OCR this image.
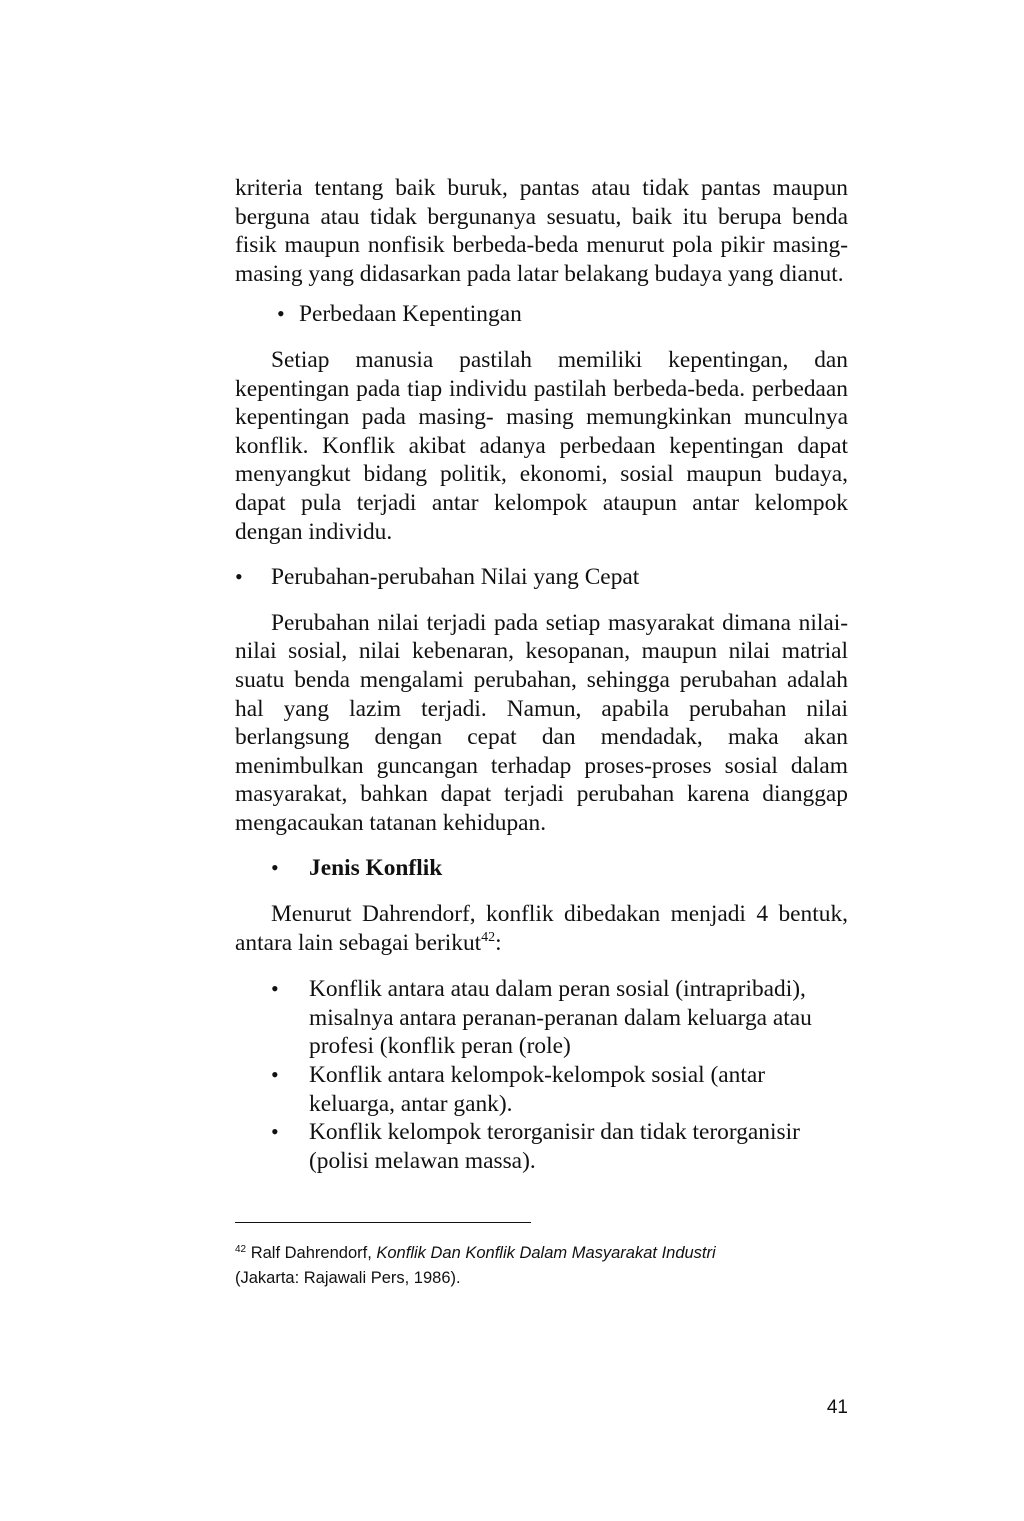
kriteria tentang baik buruk, pantas atau tidak pantas maupun berguna atau tidak bergunanya sesuatu, baik itu berupa benda fisik maupun nonfisik berbeda-beda menurut pola pikir masing-masing yang didasarkan pada latar belakang budaya yang dianut.

• Perbedaan Kepentingan

Setiap manusia pastilah memiliki kepentingan, dan kepentingan pada tiap individu pastilah berbeda-beda. perbedaan kepentingan pada masing- masing memungkinkan munculnya konflik. Konflik akibat adanya perbedaan kepentingan dapat menyangkut bidang politik, ekonomi, sosial maupun budaya, dapat pula terjadi antar kelompok ataupun antar kelompok dengan individu.

•	Perubahan-perubahan Nilai yang Cepat

Perubahan nilai terjadi pada setiap masyarakat dimana nilai-nilai sosial, nilai kebenaran, kesopanan, maupun nilai matrial suatu benda mengalami perubahan, sehingga perubahan adalah hal yang lazim terjadi. Namun, apabila perubahan nilai berlangsung dengan cepat dan mendadak, maka akan menimbulkan guncangan terhadap proses-proses sosial dalam masyarakat, bahkan dapat terjadi perubahan karena dianggap mengacaukan tatanan kehidupan.

•	Jenis Konflik

Menurut Dahrendorf, konflik dibedakan menjadi 4 bentuk, antara lain sebagai berikut$^{42}$:

•	Konflik antara atau dalam peran sosial (intrapribadi), misalnya antara peranan-peranan dalam keluarga atau profesi (konflik peran (role)
•	Konflik antara kelompok-kelompok sosial (antar keluarga, antar gank).
•	Konflik kelompok terorganisir dan tidak terorganisir (polisi melawan massa).
$^{42}$ Ralf Dahrendorf, Konflik Dan Konflik Dalam Masyarakat Industri
(Jakarta: Rajawali Pers, 1986).
41
